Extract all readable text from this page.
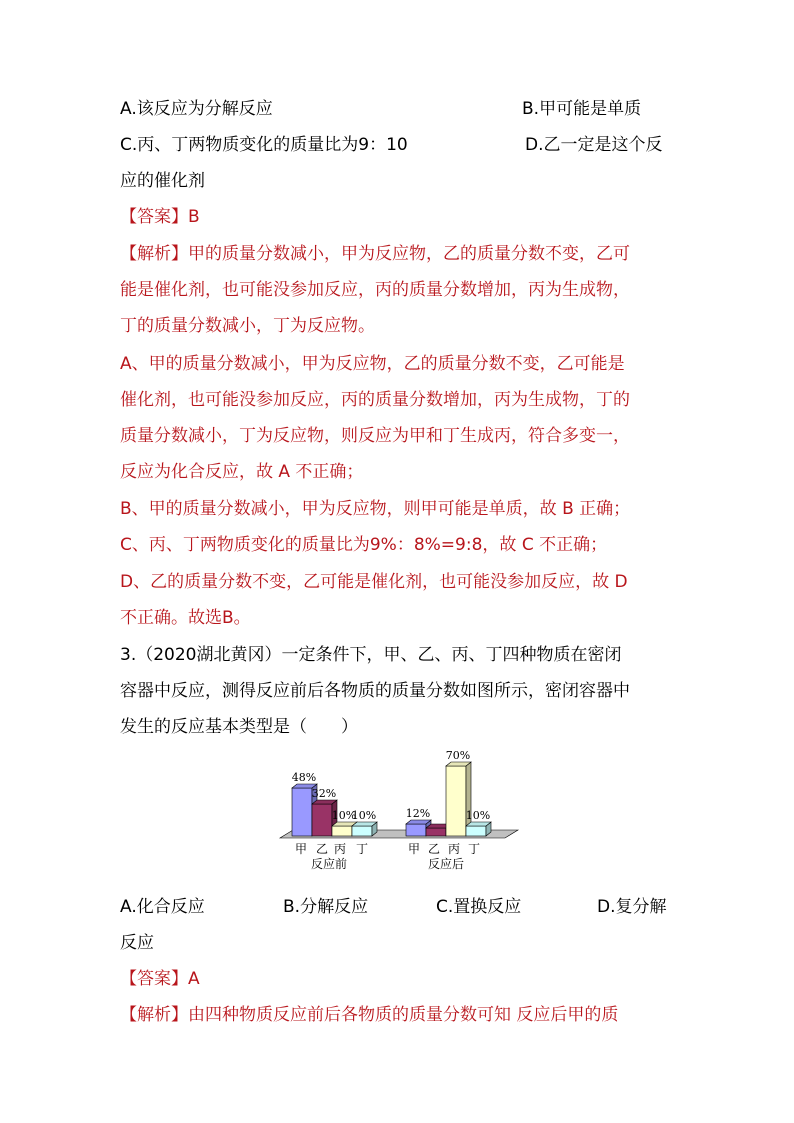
A.该反应为分解反应	B.甲可能是单质
C.丙、丁两物质变化的质量比为9：10	D.乙一定是这个反
应的催化剂
【答案】B
【解析】甲的质量分数减小，甲为反应物，乙的质量分数不变，乙可
能是催化剂，也可能没参加反应，丙的质量分数增加，丙为生成物，
丁的质量分数减小，丁为反应物。
A、甲的质量分数减小，甲为反应物，乙的质量分数不变，乙可能是
催化剂，也可能没参加反应，丙的质量分数增加，丙为生成物，丁的
质量分数减小，丁为反应物，则反应为甲和丁生成丙，符合多变一，
反应为化合反应，故 A 不正确；
B、甲的质量分数减小，甲为反应物，则甲可能是单质，故 B 正确；
C、丙、丁两物质变化的质量比为9%：8%=9:8，故 C 不正确；
D、乙的质量分数不变，乙可能是催化剂，也可能没参加反应，故 D
不正确。故选B。
3.（2020湖北黄冈）一定条件下，甲、乙、丙、丁四种物质在密闭
容器中反应，测得反应前后各物质的质量分数如图所示，密闭容器中
发生的反应基本类型是（　　）
48%
32%
10%
10%	12%
70%
10%
甲 乙 丙 丁
反应前
甲 乙 丙 丁
反应后
A.化合反应	B.分解反应	C.置换反应	D.复分解
反应
【答案】A
【解析】由四种物质反应前后各物质的质量分数可知 反应后甲的质
